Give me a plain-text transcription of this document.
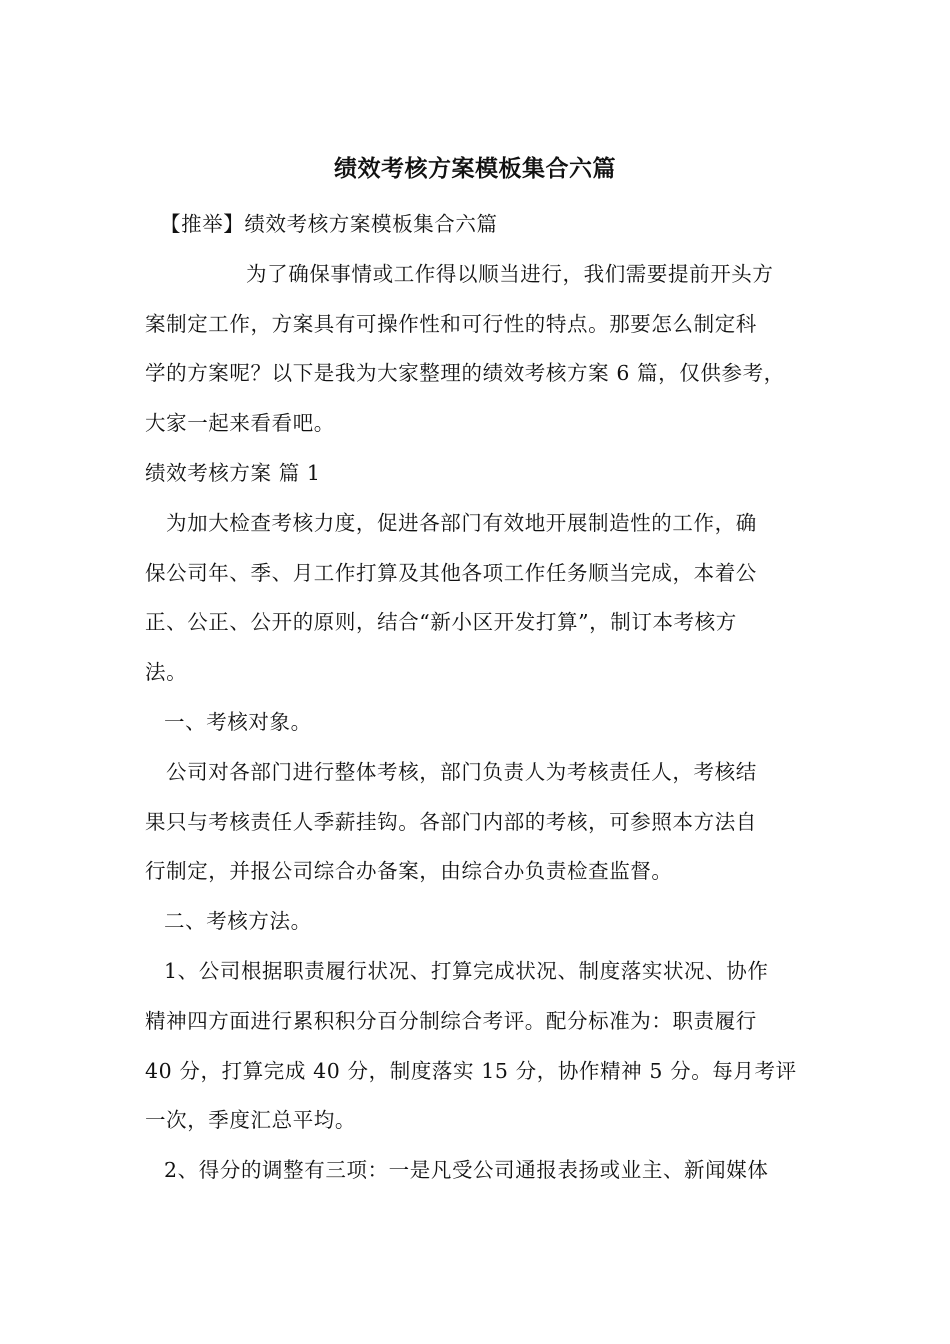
绩效考核方案模板集合六篇
【推举】绩效考核方案模板集合六篇
为了确保事情或工作得以顺当进行，我们需要提前开头方
案制定工作，方案具有可操作性和可行性的特点。那要怎么制定科
学的方案呢？以下是我为大家整理的绩效考核方案 6 篇，仅供参考，
大家一起来看看吧。
绩效考核方案 篇 1
为加大检查考核力度，促进各部门有效地开展制造性的工作，确
保公司年、季、月工作打算及其他各项工作任务顺当完成，本着公
正、公正、公开的原则，结合“新小区开发打算”，制订本考核方
法。
一、考核对象。
公司对各部门进行整体考核，部门负责人为考核责任人，考核结
果只与考核责任人季薪挂钩。各部门内部的考核，可参照本方法自
行制定，并报公司综合办备案，由综合办负责检查监督。
二、考核方法。
1、公司根据职责履行状况、打算完成状况、制度落实状况、协作
精神四方面进行累积积分百分制综合考评。配分标准为：职责履行
40 分，打算完成 40 分，制度落实 15 分，协作精神 5 分。每月考评
一次，季度汇总平均。
2、得分的调整有三项：一是凡受公司通报表扬或业主、新闻媒体
